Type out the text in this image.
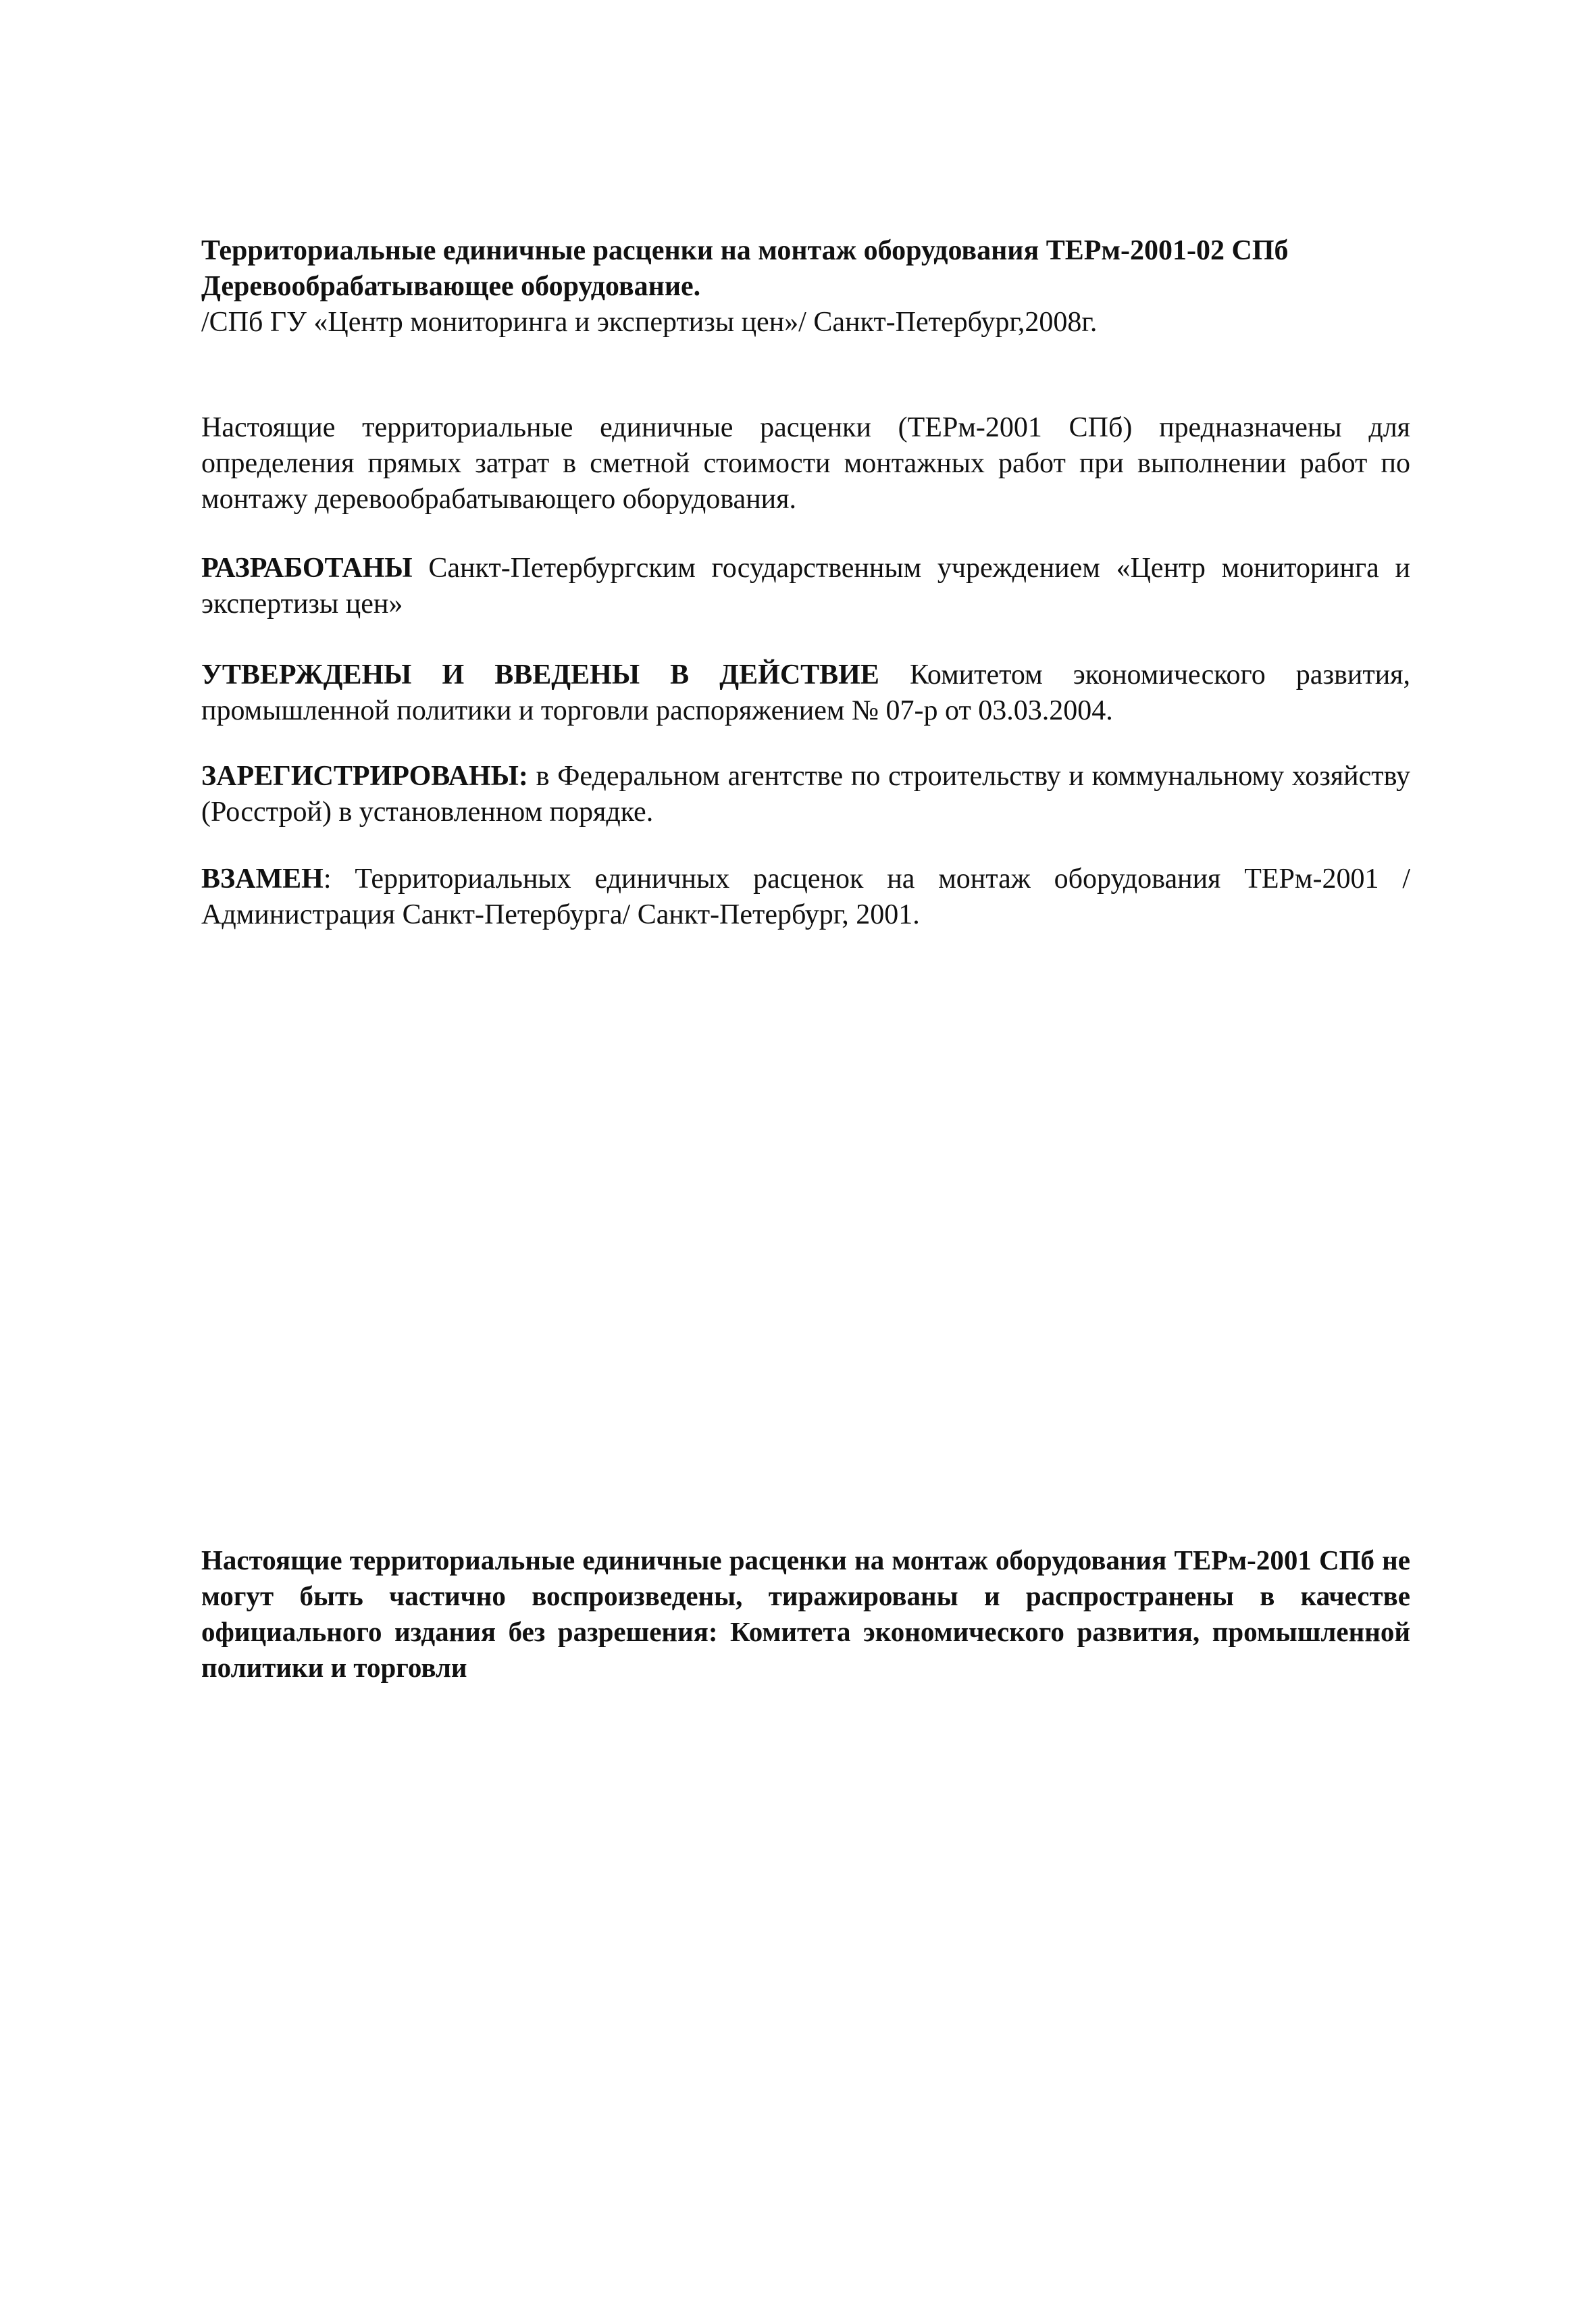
Территориальные единичные расценки на монтаж оборудования ТЕРм-2001-02 СПб
Деревообрабатывающее оборудование.

/СПб ГУ «Центр мониторинга и экспертизы цен»/ Санкт-Петербург,2008г.

Настоящие территориальные единичные расценки (ТЕРм-2001 СПб) предназначены для определения прямых затрат в сметной стоимости монтажных работ при выполнении работ по монтажу деревообрабатывающего оборудования.

РАЗРАБОТАНЫ Санкт-Петербургским государственным учреждением «Центр мониторинга и экспертизы цен»

УТВЕРЖДЕНЫ И ВВЕДЕНЫ В ДЕЙСТВИЕ Комитетом экономического развития, промышленной политики и торговли распоряжением № 07-р от 03.03.2004.

ЗАРЕГИСТРИРОВАНЫ: в Федеральном агентстве по строительству и коммунальному хозяйству (Росстрой) в установленном порядке.

ВЗАМЕН: Территориальных единичных расценок на монтаж оборудования ТЕРм-2001 /Администрация Санкт-Петербурга/ Санкт-Петербург, 2001.

Настоящие территориальные единичные расценки на монтаж оборудования ТЕРм-2001 СПб не могут быть частично воспроизведены, тиражированы и распространены в качестве официального издания без разрешения: Комитета экономического развития, промышленной политики и торговли
